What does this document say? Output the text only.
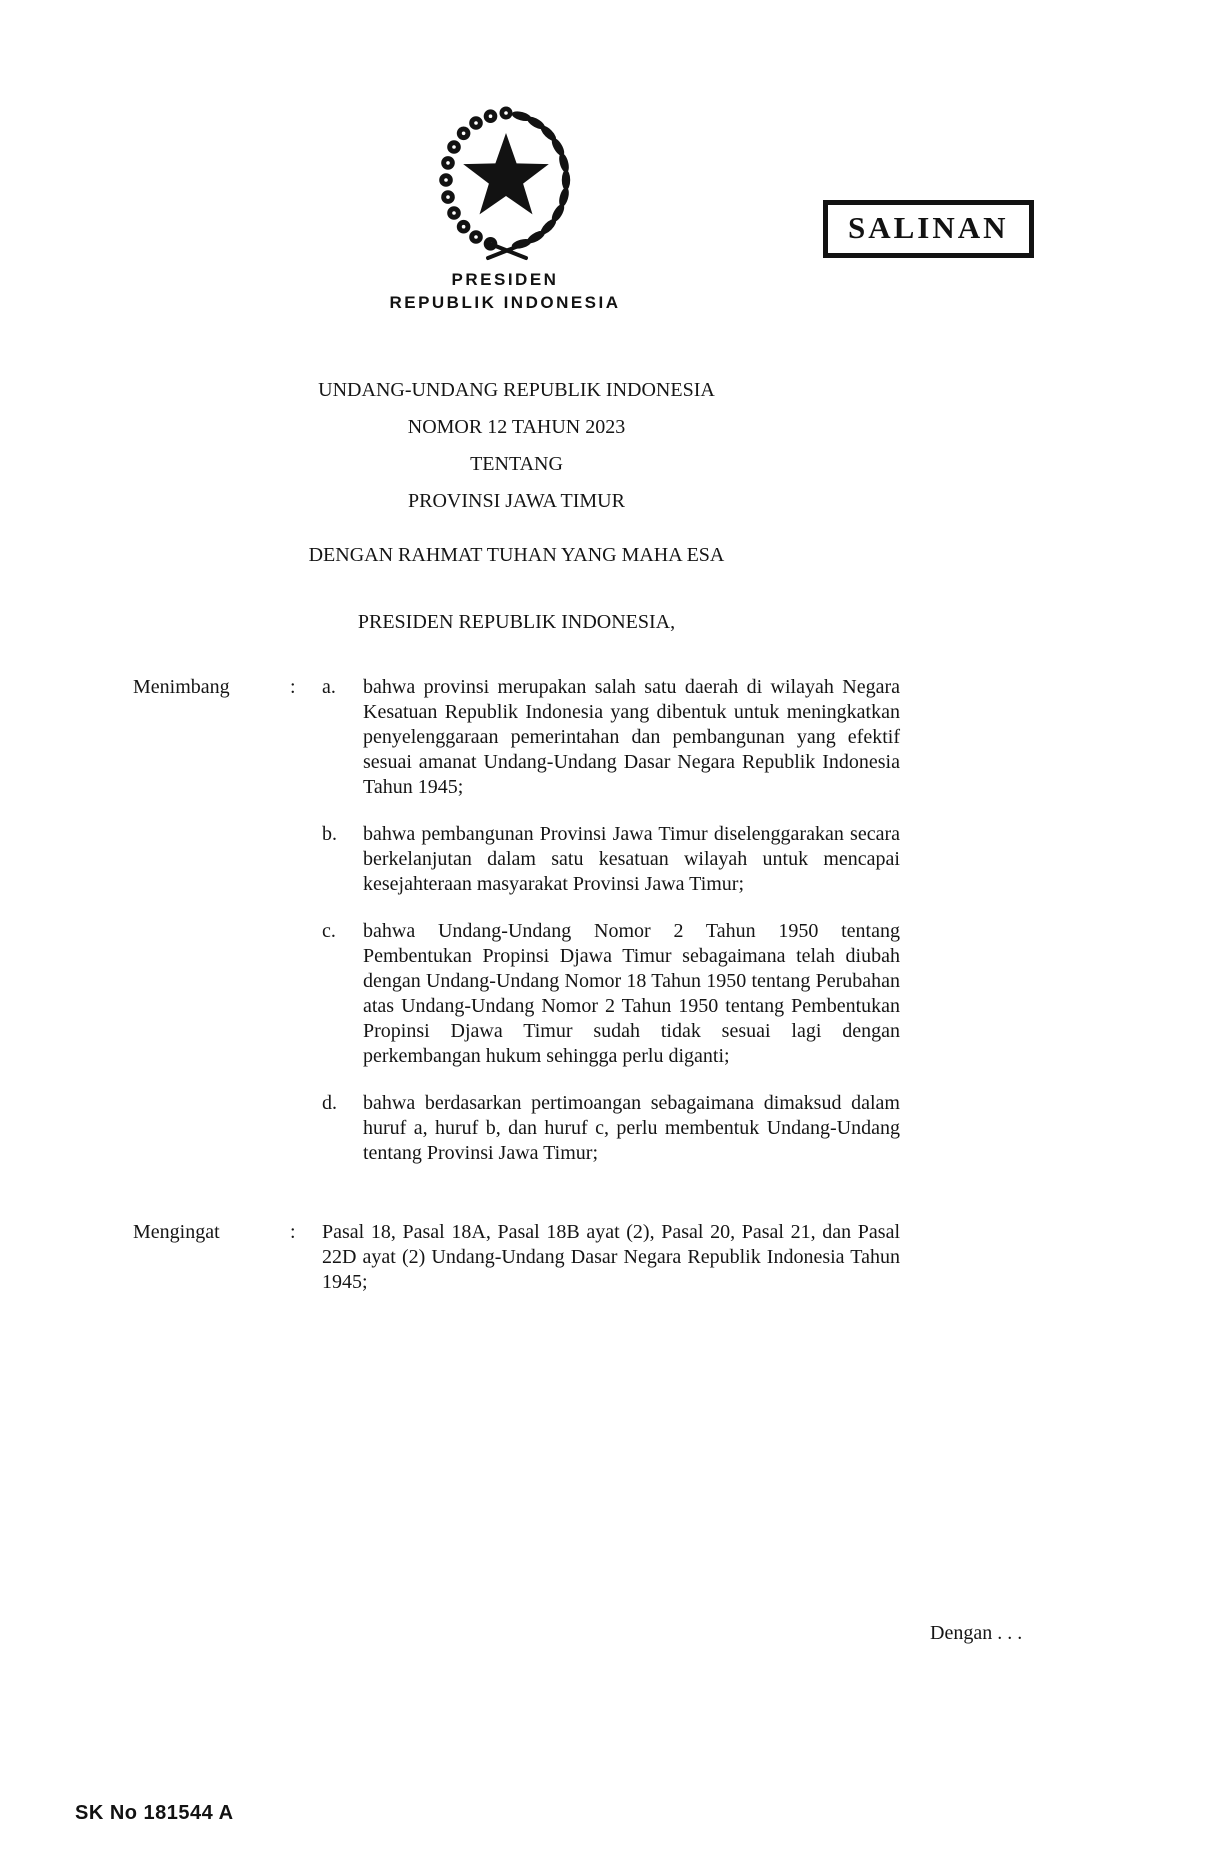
SALINAN
PRESIDEN
REPUBLIK INDONESIA
UNDANG-UNDANG REPUBLIK INDONESIA
NOMOR 12 TAHUN 2023
TENTANG
PROVINSI JAWA TIMUR
DENGAN RAHMAT TUHAN YANG MAHA ESA
PRESIDEN REPUBLIK INDONESIA,
Menimbang	:	a.	bahwa provinsi merupakan salah satu daerah di wilayah Negara Kesatuan Republik Indonesia yang dibentuk untuk meningkatkan penyelenggaraan pemerintahan dan pembangunan yang efektif sesuai amanat Undang-Undang Dasar Negara Republik Indonesia Tahun 1945;
b.	bahwa pembangunan Provinsi Jawa Timur diselenggarakan secara berkelanjutan dalam satu kesatuan wilayah untuk mencapai kesejahteraan masyarakat Provinsi Jawa Timur;
c.	bahwa Undang-Undang Nomor 2 Tahun 1950 tentang Pembentukan Propinsi Djawa Timur sebagaimana telah diubah dengan Undang-Undang Nomor 18 Tahun 1950 tentang Perubahan atas Undang-Undang Nomor 2 Tahun 1950 tentang Pembentukan Propinsi Djawa Timur sudah tidak sesuai lagi dengan perkembangan hukum sehingga perlu diganti;
d.	bahwa berdasarkan pertimoangan sebagaimana dimaksud dalam huruf a, huruf b, dan huruf c, perlu membentuk Undang-Undang tentang Provinsi Jawa Timur;
Mengingat	:	Pasal 18, Pasal 18A, Pasal 18B ayat (2), Pasal 20, Pasal 21, dan Pasal 22D ayat (2) Undang-Undang Dasar Negara Republik Indonesia Tahun 1945;
Dengan . . .
SK No 181544 A
